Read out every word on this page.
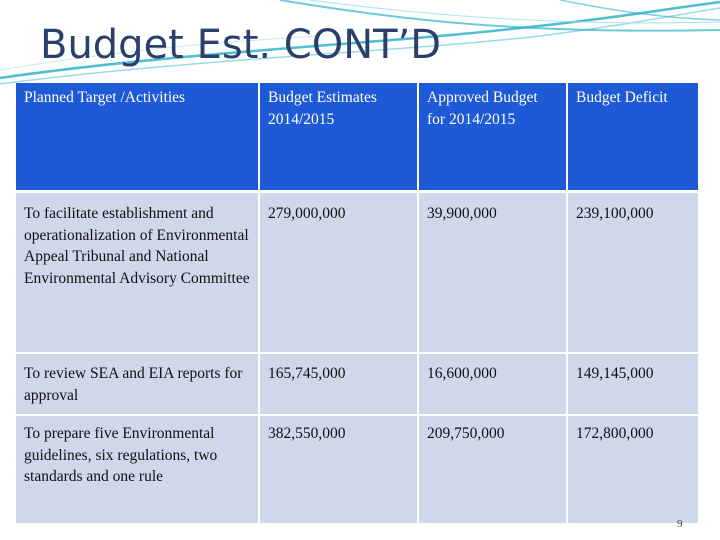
Budget Est. CONT’D
Planned Target /Activities	Budget Estimates 2014/2015	Approved Budget for 2014/2015	Budget Deficit
To facilitate establishment and operationalization of Environmental Appeal Tribunal and National Environmental Advisory Committee	279,000,000	39,900,000	239,100,000
To review SEA and EIA reports for approval	165,745,000	16,600,000	149,145,000
To prepare five Environmental guidelines, six regulations, two standards and one rule	382,550,000	209,750,000	172,800,000
9
